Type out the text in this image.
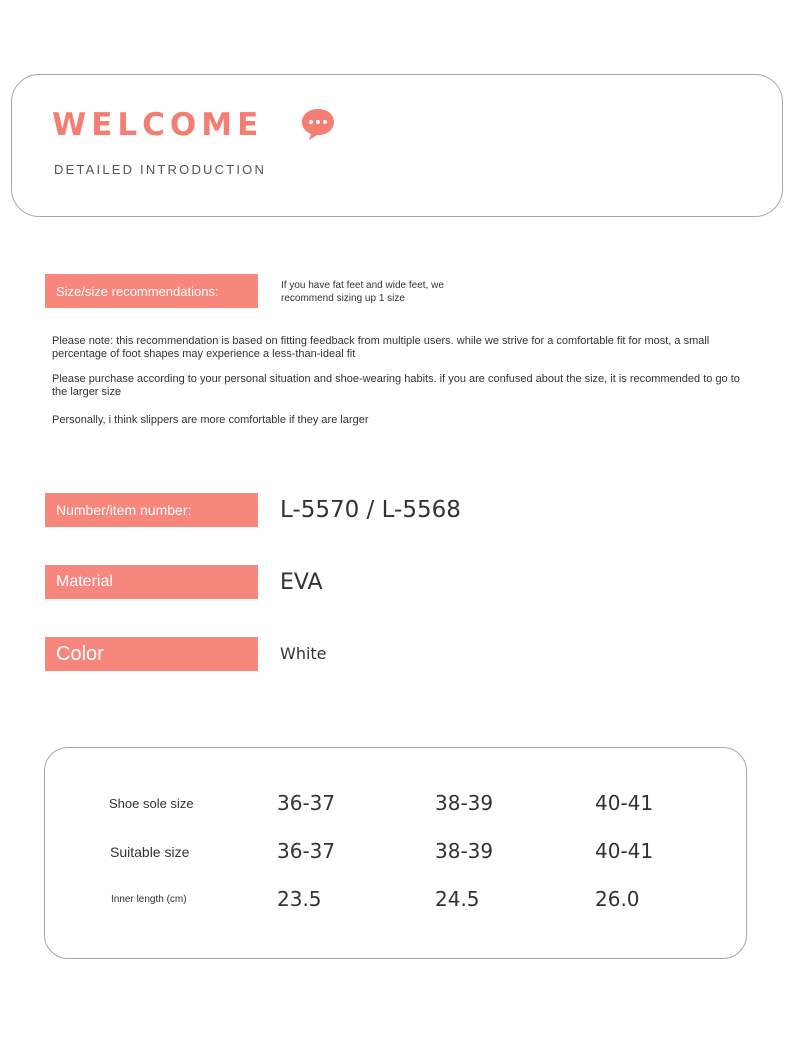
WELCOME
DETAILED INTRODUCTION
Size/size recommendations:	If you have fat feet and wide feet, we
recommend sizing up 1 size
Please note: this recommendation is based on fitting feedback from multiple users. while we strive for a comfortable fit for most, a small percentage of foot shapes may experience a less-than-ideal fit
Please purchase according to your personal situation and shoe-wearing habits. if you are confused about the size, it is recommended to go to the larger size
Personally, i think slippers are more comfortable if they are larger
Number/item number:	L-5570 / L-5568
Material	EVA
Color	White
Shoe sole size	36-37	38-39	40-41
Suitable size	36-37	38-39	40-41
Inner length (cm)	23.5	24.5	26.0
